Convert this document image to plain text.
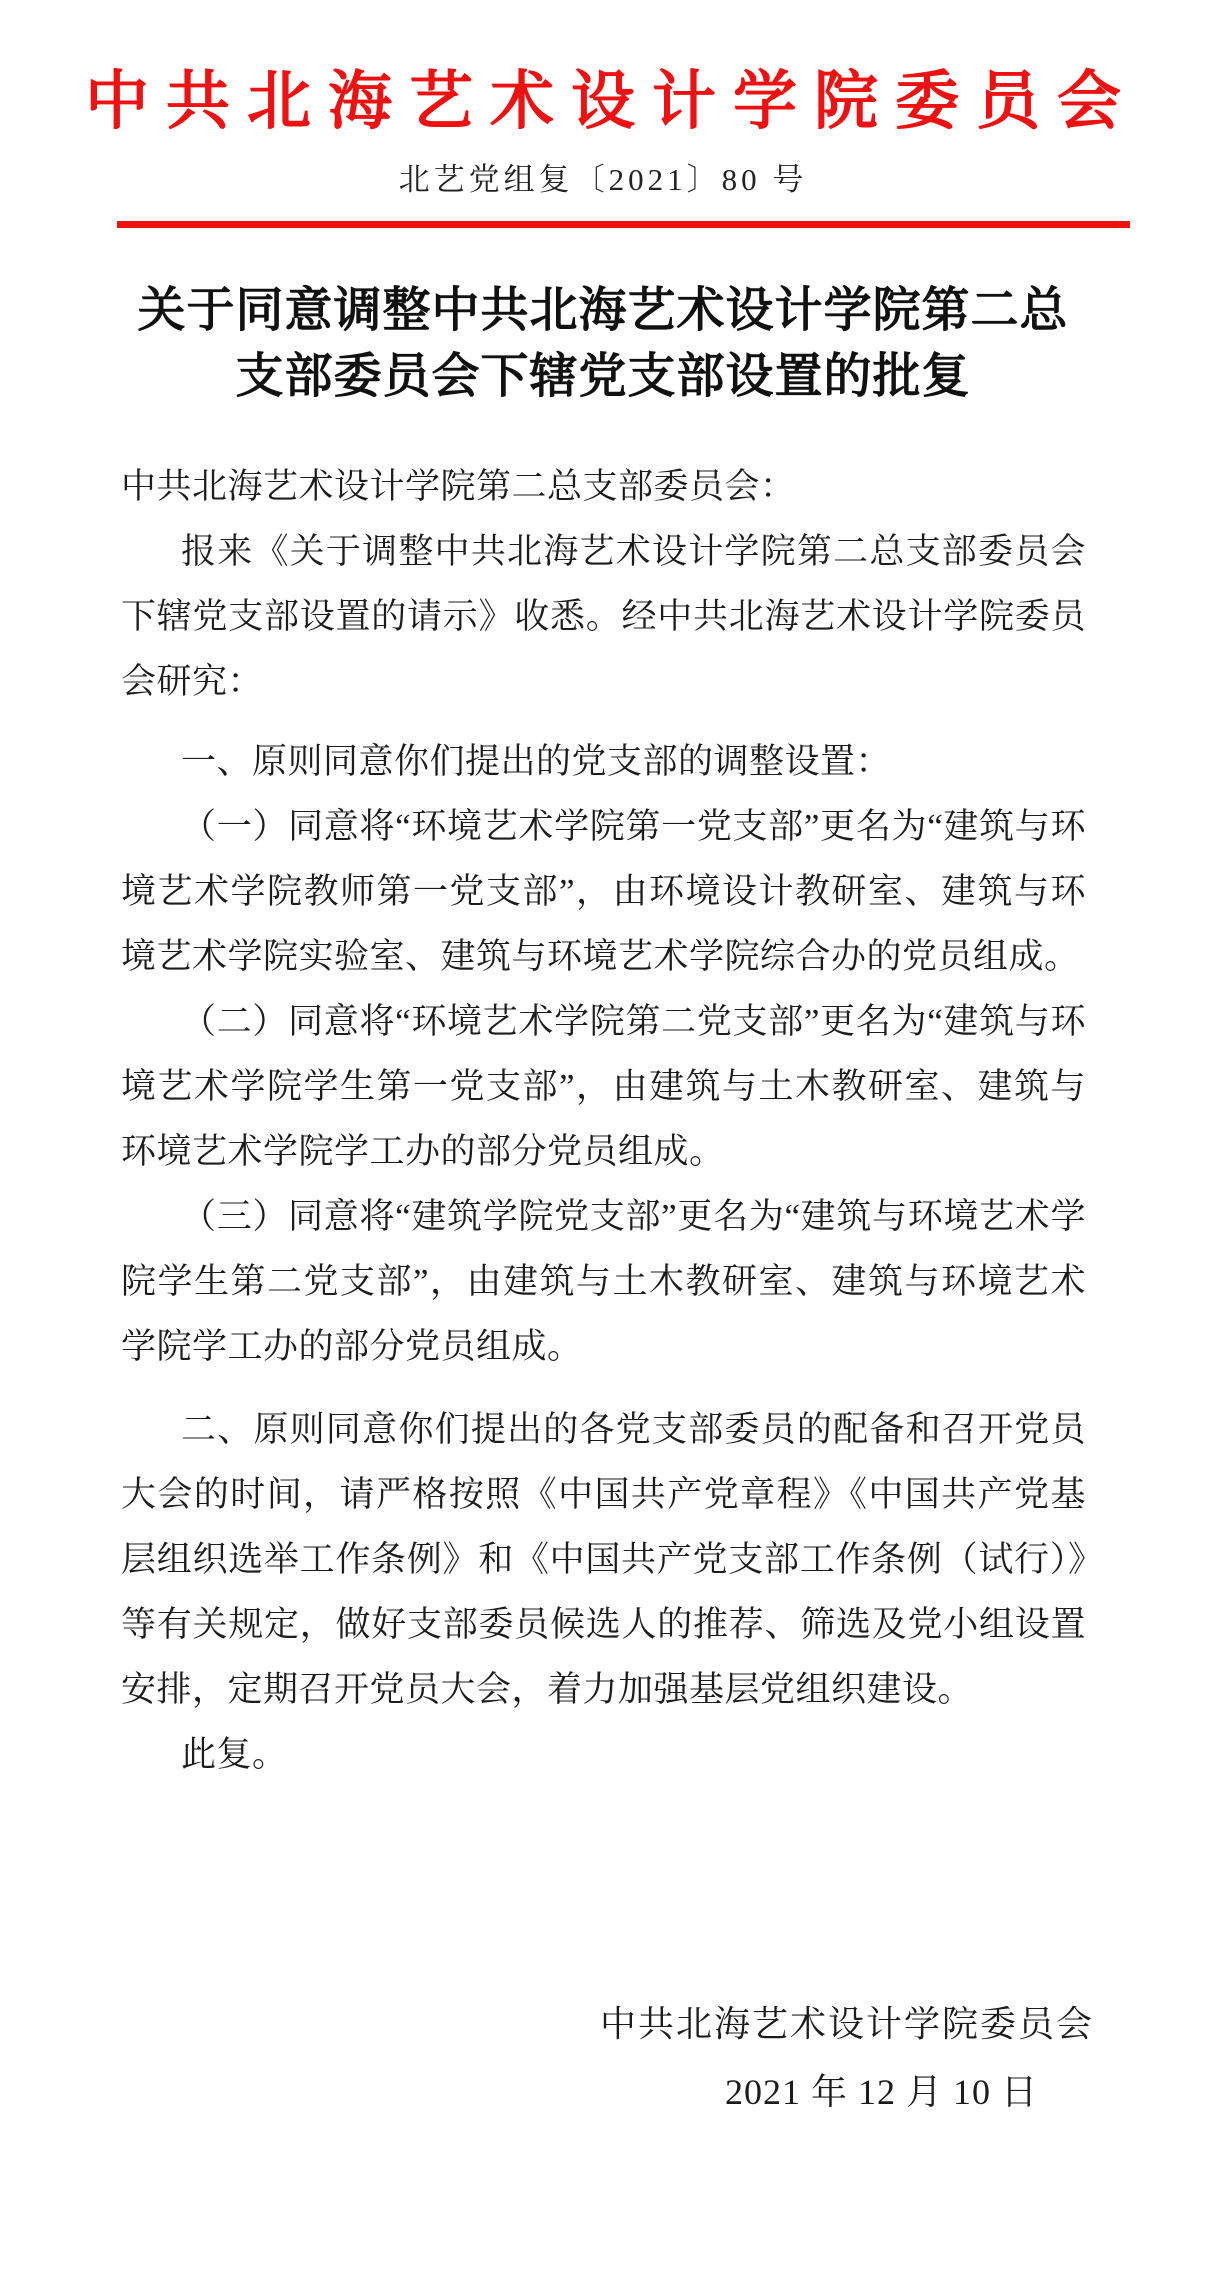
中共北海艺术设计学院委员会
北艺党组复〔2021〕80 号
关于同意调整中共北海艺术设计学院第二总
支部委员会下辖党支部设置的批复

中共北海艺术设计学院第二总支部委员会：

报来《关于调整中共北海艺术设计学院第二总支部委员会下辖党支部设置的请示》收悉。经中共北海艺术设计学院委员会研究：

一、原则同意你们提出的党支部的调整设置：

（一）同意将“环境艺术学院第一党支部”更名为“建筑与环境艺术学院教师第一党支部”，由环境设计教研室、建筑与环境艺术学院实验室、建筑与环境艺术学院综合办的党员组成。

（二）同意将“环境艺术学院第二党支部”更名为“建筑与环境艺术学院学生第一党支部”，由建筑与土木教研室、建筑与环境艺术学院学工办的部分党员组成。

（三）同意将“建筑学院党支部”更名为“建筑与环境艺术学院学生第二党支部”，由建筑与土木教研室、建筑与环境艺术学院学工办的部分党员组成。

二、原则同意你们提出的各党支部委员的配备和召开党员大会的时间，请严格按照《中国共产党章程》《中国共产党基层组织选举工作条例》和《中国共产党支部工作条例（试行）》等有关规定，做好支部委员候选人的推荐、筛选及党小组设置安排，定期召开党员大会，着力加强基层党组织建设。

此复。

中共北海艺术设计学院委员会
2021 年 12 月 10 日
